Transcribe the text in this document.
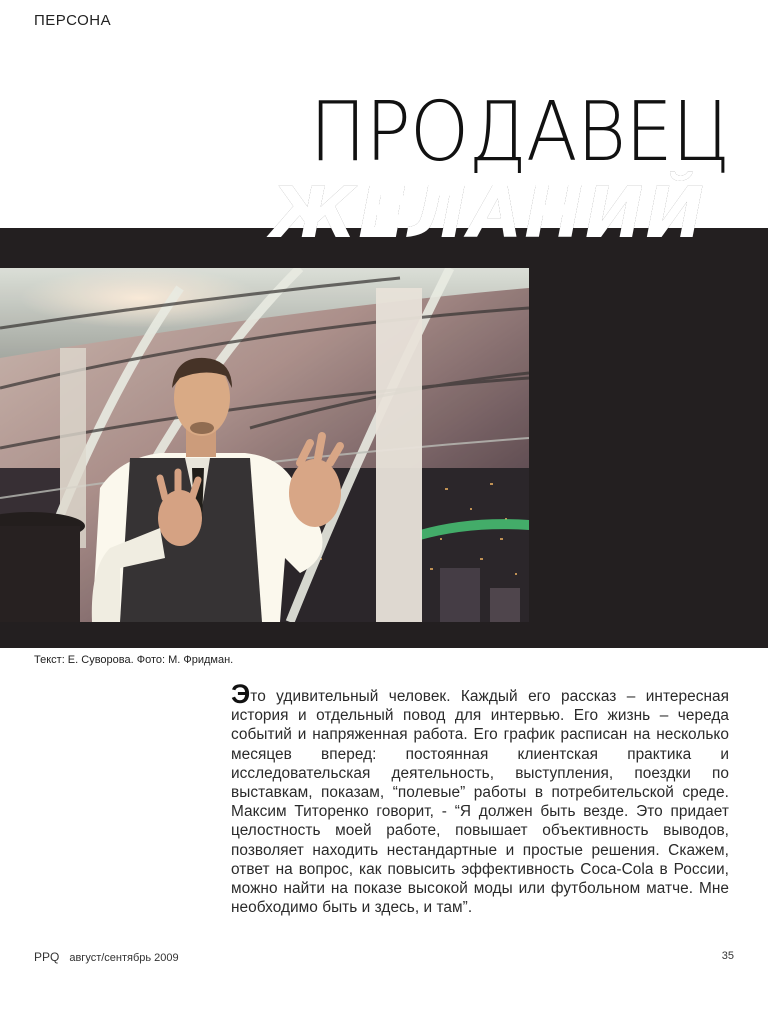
ПЕРСОНА
ПРОДАВЕЦ
ЖЕЛАНИЙ
Текст: Е. Суворова. Фото: М. Фридман.
Это удивительный человек. Каждый его рассказ – интересная история и отдельный повод для интервью. Его жизнь – череда событий и напряженная работа. Его график расписан на несколько месяцев вперед: постоянная клиентская практика и исследовательская деятельность, выступления, поездки по выставкам, показам, “полевые” работы в потребительской среде. Максим Титоренко говорит, - “Я должен быть везде. Это придает целостность моей работе, повышает объективность выводов, позволяет находить нестандартные и простые решения. Скажем, ответ на вопрос, как повысить эффективность Coca-Cola в России, можно найти на показе высокой моды или футбольном матче. Мне необходимо быть и здесь, и там”.
PPQ август/сентябрь 2009	35
